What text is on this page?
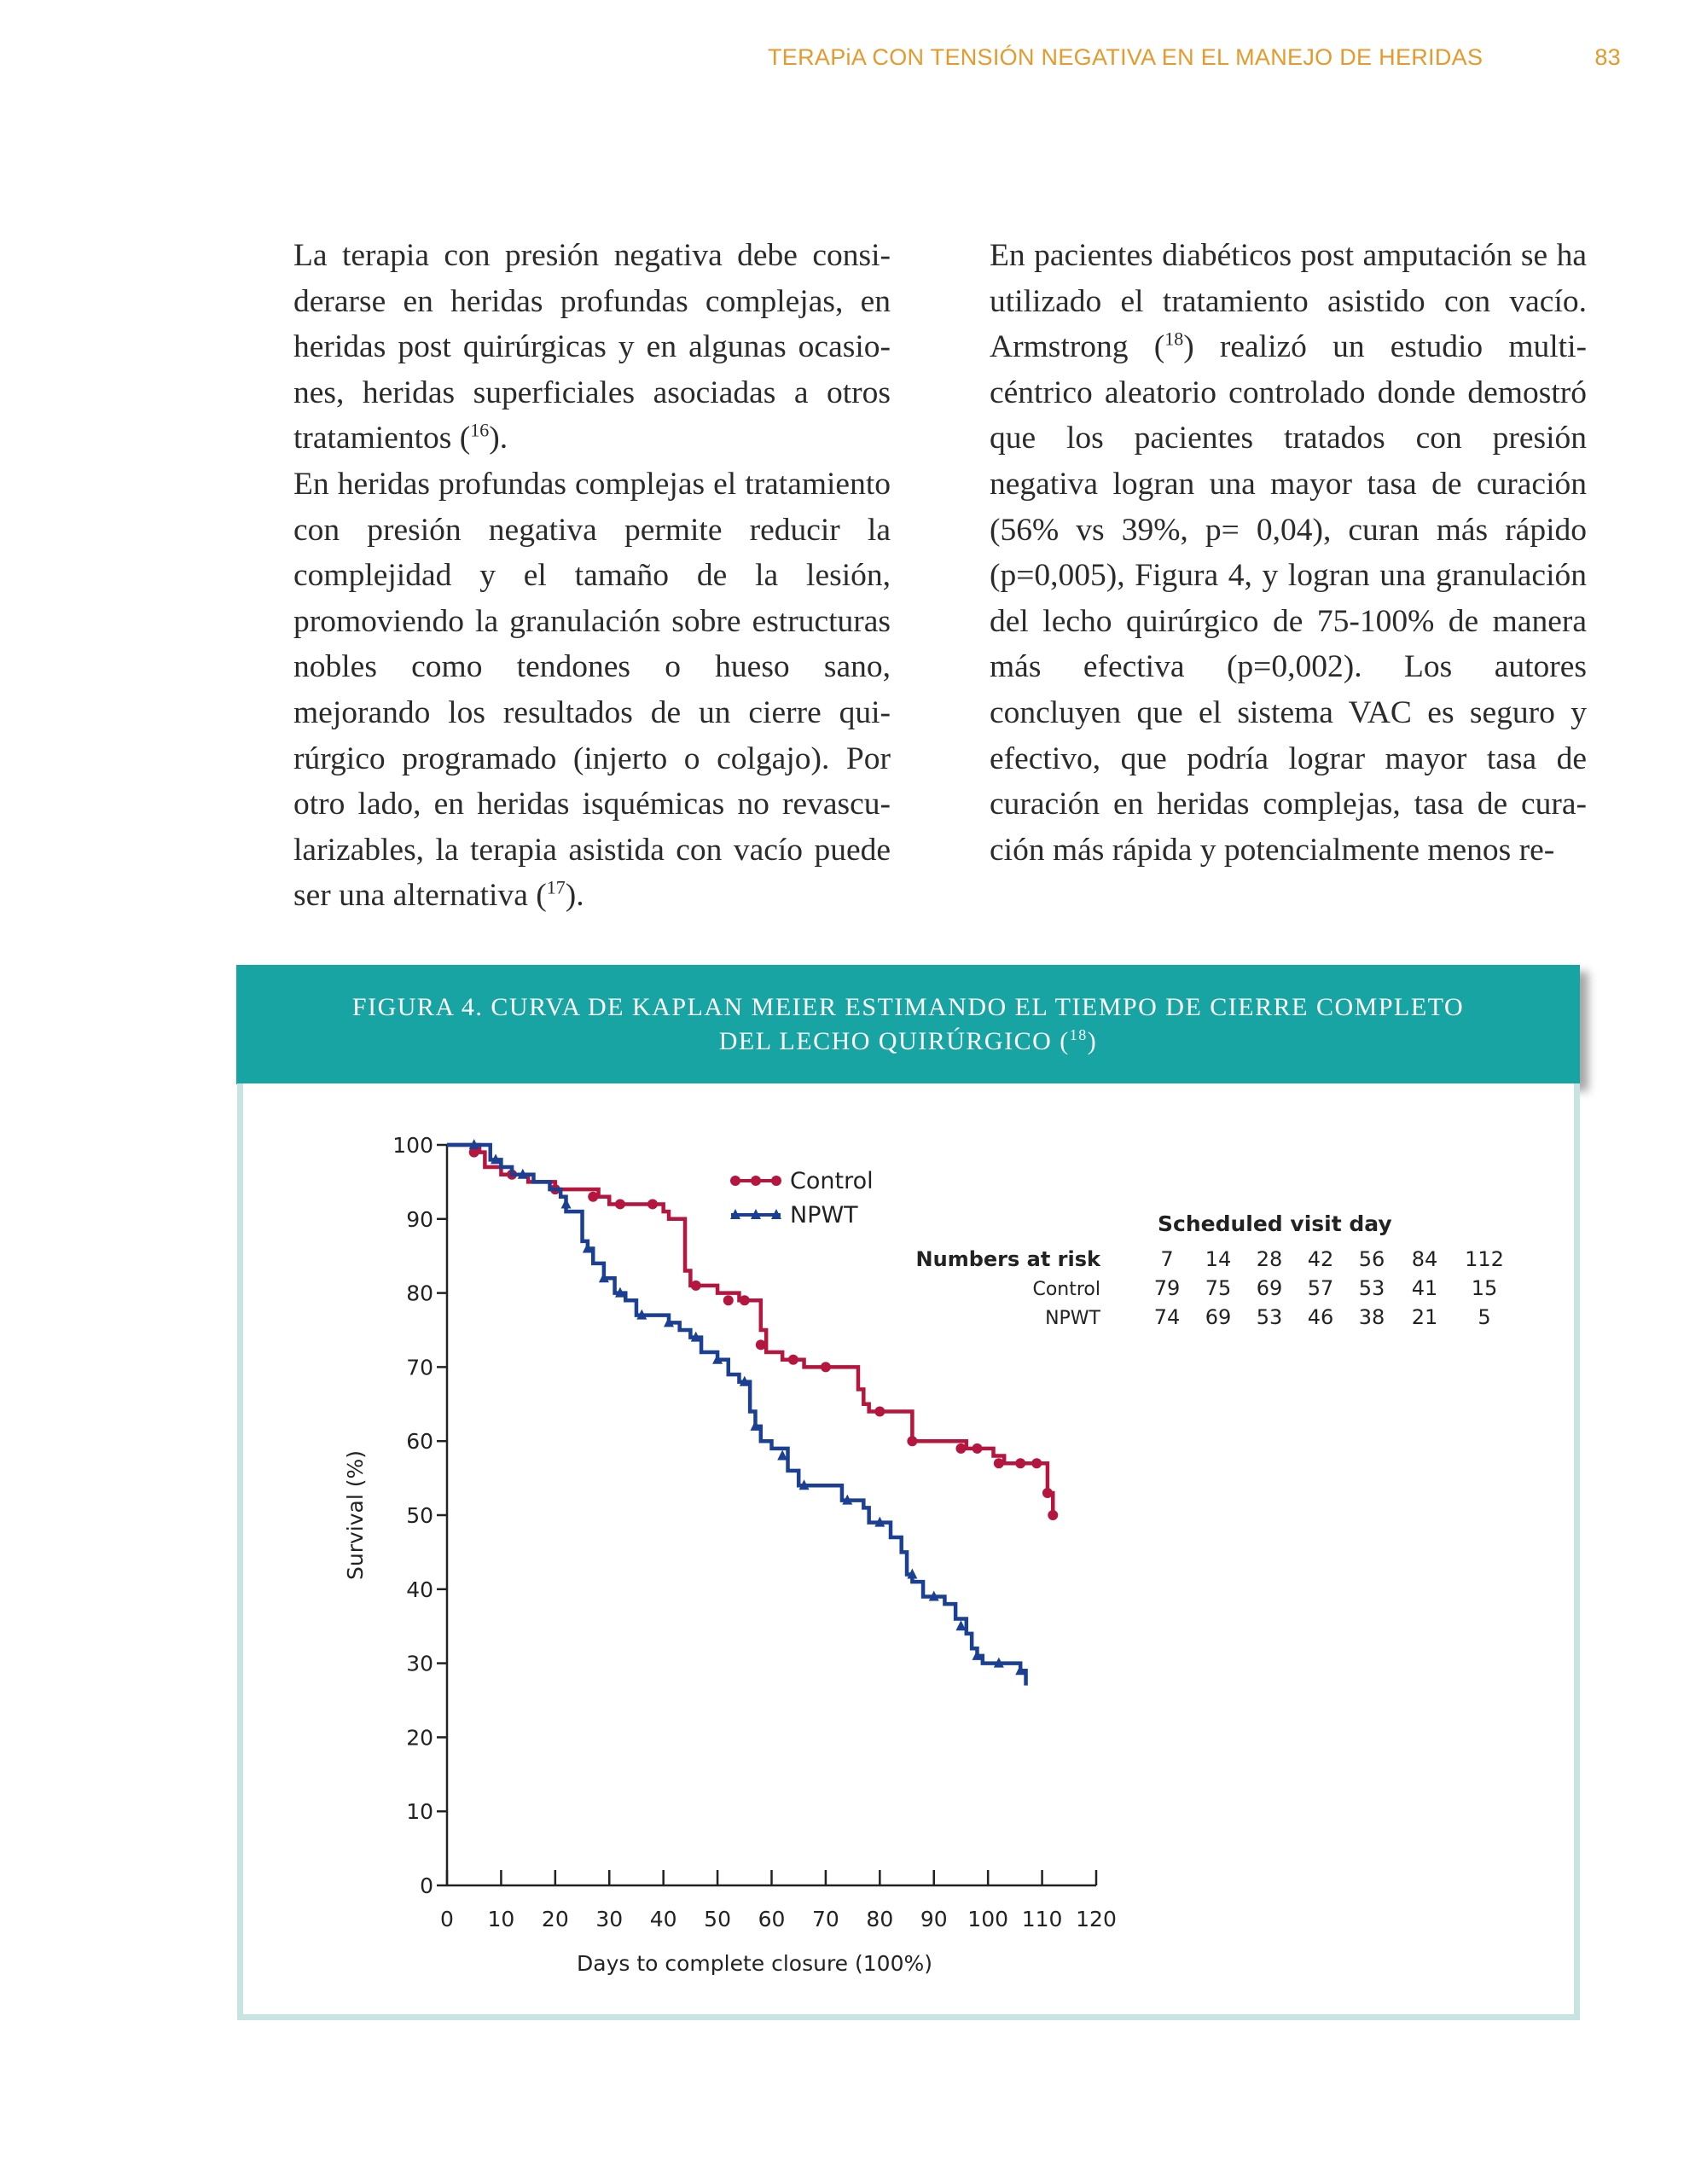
TERAPiA CON TENSIÓN NEGATIVA EN EL MANEJO DE HERIDAS	83

La terapia con presión negativa debe considerarse en heridas profundas complejas, en heridas post quirúrgicas y en algunas ocasiones, heridas superficiales asociadas a otros tratamientos ($^{16}$).

En heridas profundas complejas el tratamiento con presión negativa permite reducir la complejidad y el tamaño de la lesión, promoviendo la granulación sobre estructuras nobles como tendones o hueso sano, mejorando los resultados de un cierre quirúrgico programado (injerto o colgajo). Por otro lado, en heridas isquémicas no revascularizables, la terapia asistida con vacío puede ser una alternativa ($^{17}$).

En pacientes diabéticos post amputación se ha utilizado el tratamiento asistido con vacío. Armstrong ($^{18}$) realizó un estudio multicéntrico aleatorio controlado donde demostró que los pacientes tratados con presión negativa logran una mayor tasa de curación (56% vs 39%, p= 0,04), curan más rápido (p=0,005), Figura 4, y logran una granulación del lecho quirúrgico de 75-100% de manera más efectiva (p=0,002). Los autores concluyen que el sistema VAC es seguro y efectivo, que podría lograr mayor tasa de curación en heridas complejas, tasa de curación más rápida y potencialmente menos re-

FIGURA 4. CURVA DE KAPLAN MEIER ESTIMANDO EL TIEMPO DE CIERRE COMPLETO
DEL LECHO QUIRÚRGICO ($^{18}$)
0 10 20 30 40 50 60 70 80 90 100 110 120
0
10
20
30
40
50
60
70
80
90
100
Days to complete closure (100%)
Survival (%)
Control
NPWT	Scheduled visit day
Numbers at risk	7 14 28 42 56 84 112
Control	79 75 69 57 53 41 15
NPWT	74 69 53 46 38 21 5
